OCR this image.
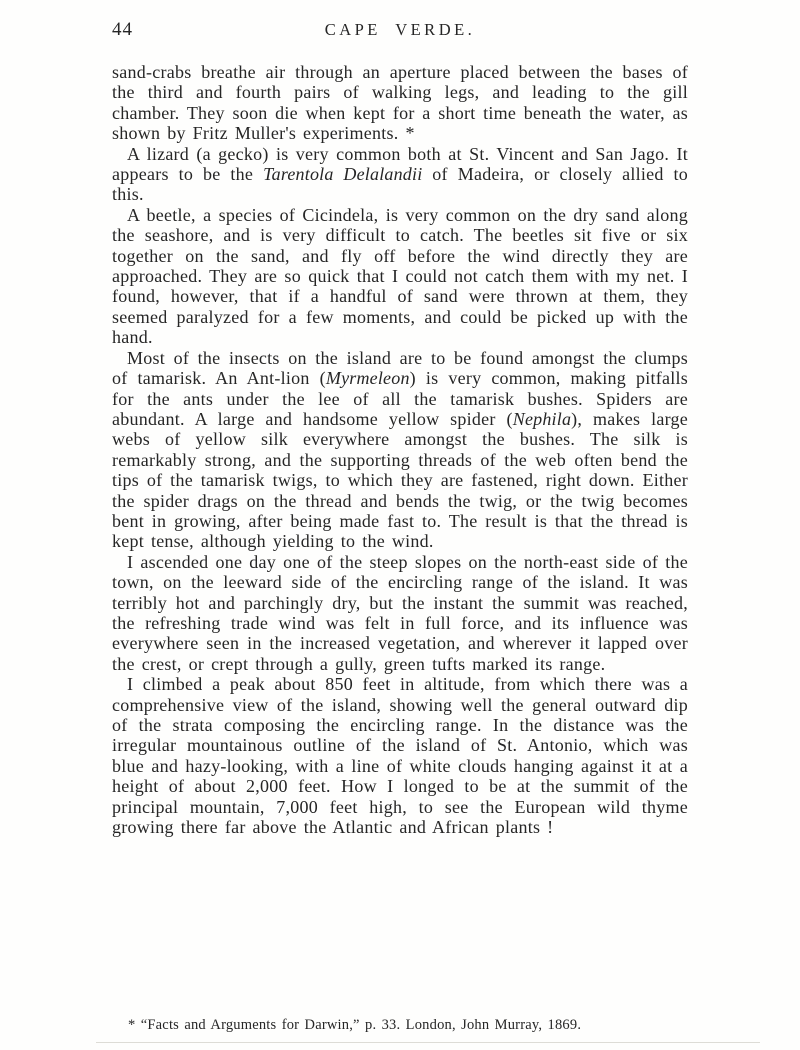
44	CAPE VERDE.

sand-crabs breathe air through an aperture placed between the bases of the third and fourth pairs of walking legs, and leading to the gill chamber. They soon die when kept for a short time beneath the water, as shown by Fritz Muller's experiments. *

A lizard (a gecko) is very common both at St. Vincent and San Jago. It appears to be the Tarentola Delalandii of Madeira, or closely allied to this.

A beetle, a species of Cicindela, is very common on the dry sand along the seashore, and is very difficult to catch. The beetles sit five or six together on the sand, and fly off before the wind directly they are approached. They are so quick that I could not catch them with my net. I found, however, that if a handful of sand were thrown at them, they seemed paralyzed for a few moments, and could be picked up with the hand.

Most of the insects on the island are to be found amongst the clumps of tamarisk. An Ant-lion (Myrmeleon) is very common, making pitfalls for the ants under the lee of all the tamarisk bushes. Spiders are abundant. A large and handsome yellow spider (Nephila), makes large webs of yellow silk everywhere amongst the bushes. The silk is remarkably strong, and the supporting threads of the web often bend the tips of the tamarisk twigs, to which they are fastened, right down. Either the spider drags on the thread and bends the twig, or the twig becomes bent in growing, after being made fast to. The result is that the thread is kept tense, although yielding to the wind.

I ascended one day one of the steep slopes on the north-east side of the town, on the leeward side of the encircling range of the island. It was terribly hot and parchingly dry, but the instant the summit was reached, the refreshing trade wind was felt in full force, and its influence was everywhere seen in the increased vegetation, and wherever it lapped over the crest, or crept through a gully, green tufts marked its range.

I climbed a peak about 850 feet in altitude, from which there was a comprehensive view of the island, showing well the general outward dip of the strata composing the encircling range. In the distance was the irregular mountainous outline of the island of St. Antonio, which was blue and hazy-looking, with a line of white clouds hanging against it at a height of about 2,000 feet. How I longed to be at the summit of the principal mountain, 7,000 feet high, to see the European wild thyme growing there far above the Atlantic and African plants !

* “Facts and Arguments for Darwin,” p. 33. London, John Murray, 1869.
